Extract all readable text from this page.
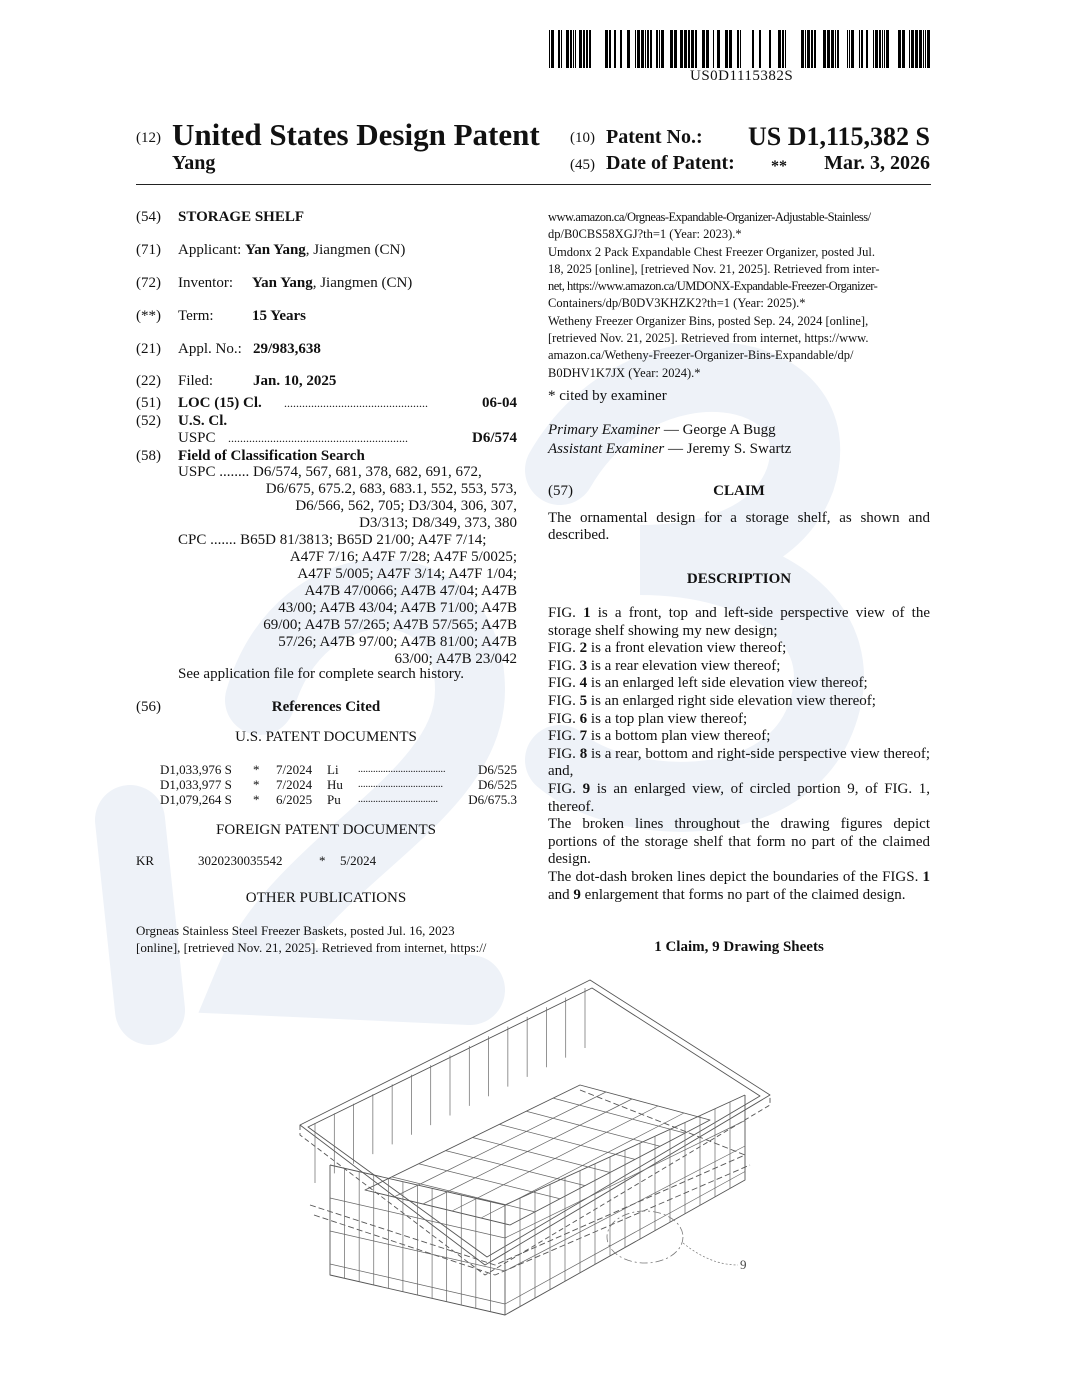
US0D1115382S
(12) United States Design Patent
Yang
(10) Patent No.: US D1,115,382 S
(45) Date of Patent: ** Mar. 3, 2026
(54) STORAGE SHELF
(71) Applicant: Yan Yang, Jiangmen (CN)
(72) Inventor: Yan Yang, Jiangmen (CN)
(**) Term:	15 Years
(21) Appl. No.: 29/983,638
(22) Filed:	Jan. 10, 2025
(51) LOC (15) Cl. ................................................	06-04
(52) U.S. Cl.
USPC ............................................................	D6/574
(58) Field of Classification Search
USPC ........ D6/574, 567, 681, 378, 682, 691, 672,
D6/675, 675.2, 683, 683.1, 552, 553, 573,
D6/566, 562, 705; D3/304, 306, 307,
D3/313; D8/349, 373, 380
CPC ....... B65D 81/3813; B65D 21/00; A47F 7/14;
A47F 7/16; A47F 7/28; A47F 5/0025;
A47F 5/005; A47F 3/14; A47F 1/04;
A47B 47/0066; A47B 47/04; A47B
43/00; A47B 43/04; A47B 71/00; A47B
69/00; A47B 57/265; A47B 57/565; A47B
57/26; A47B 97/00; A47B 81/00; A47B
63/00; A47B 23/042
See application file for complete search history.
(56)	References Cited
U.S. PATENT DOCUMENTS
D1,033,976 S * 7/2024 Li ...................................	D6/525
D1,033,977 S * 7/2024 Hu ..................................	D6/525
D1,079,264 S * 6/2025 Pu ................................	D6/675.3
FOREIGN PATENT DOCUMENTS
KR	3020230035542	* 5/2024
OTHER PUBLICATIONS
Orgneas Stainless Steel Freezer Baskets, posted Jul. 16, 2023
[online], [retrieved Nov. 21, 2025]. Retrieved from internet, https://
www.amazon.ca/Orgneas-Expandable-Organizer-Adjustable-Stainless/
dp/B0CBS58XGJ?th=1 (Year: 2023).*
Umdonx 2 Pack Expandable Chest Freezer Organizer, posted Jul.
18, 2025 [online], [retrieved Nov. 21, 2025]. Retrieved from inter-
net, https://www.amazon.ca/UMDONX-Expandable-Freezer-Organizer-
Containers/dp/B0DV3KHZK2?th=1 (Year: 2025).*
Wetheny Freezer Organizer Bins, posted Sep. 24, 2024 [online],
[retrieved Nov. 21, 2025]. Retrieved from internet, https://www.
amazon.ca/Wetheny-Freezer-Organizer-Bins-Expandable/dp/
B0DHV1K7JX (Year: 2024).*
* cited by examiner
Primary Examiner — George A Bugg
Assistant Examiner — Jeremy S. Swartz
(57)	CLAIM
The ornamental design for a storage shelf, as shown and described.
DESCRIPTION
FIG. 1 is a front, top and left-side perspective view of the storage shelf showing my new design;
FIG. 2 is a front elevation view thereof;
FIG. 3 is a rear elevation view thereof;
FIG. 4 is an enlarged left side elevation view thereof;
FIG. 5 is an enlarged right side elevation view thereof;
FIG. 6 is a top plan view thereof;
FIG. 7 is a bottom plan view thereof;
FIG. 8 is a rear, bottom and right-side perspective view thereof; and,
FIG. 9 is an enlarged view, of circled portion 9, of FIG. 1, thereof.
The broken lines throughout the drawing figures depict portions of the storage shelf that form no part of the claimed design.
The dot-dash broken lines depict the boundaries of the FIGS. 1 and 9 enlargement that forms no part of the claimed design.
1 Claim, 9 Drawing Sheets
9
